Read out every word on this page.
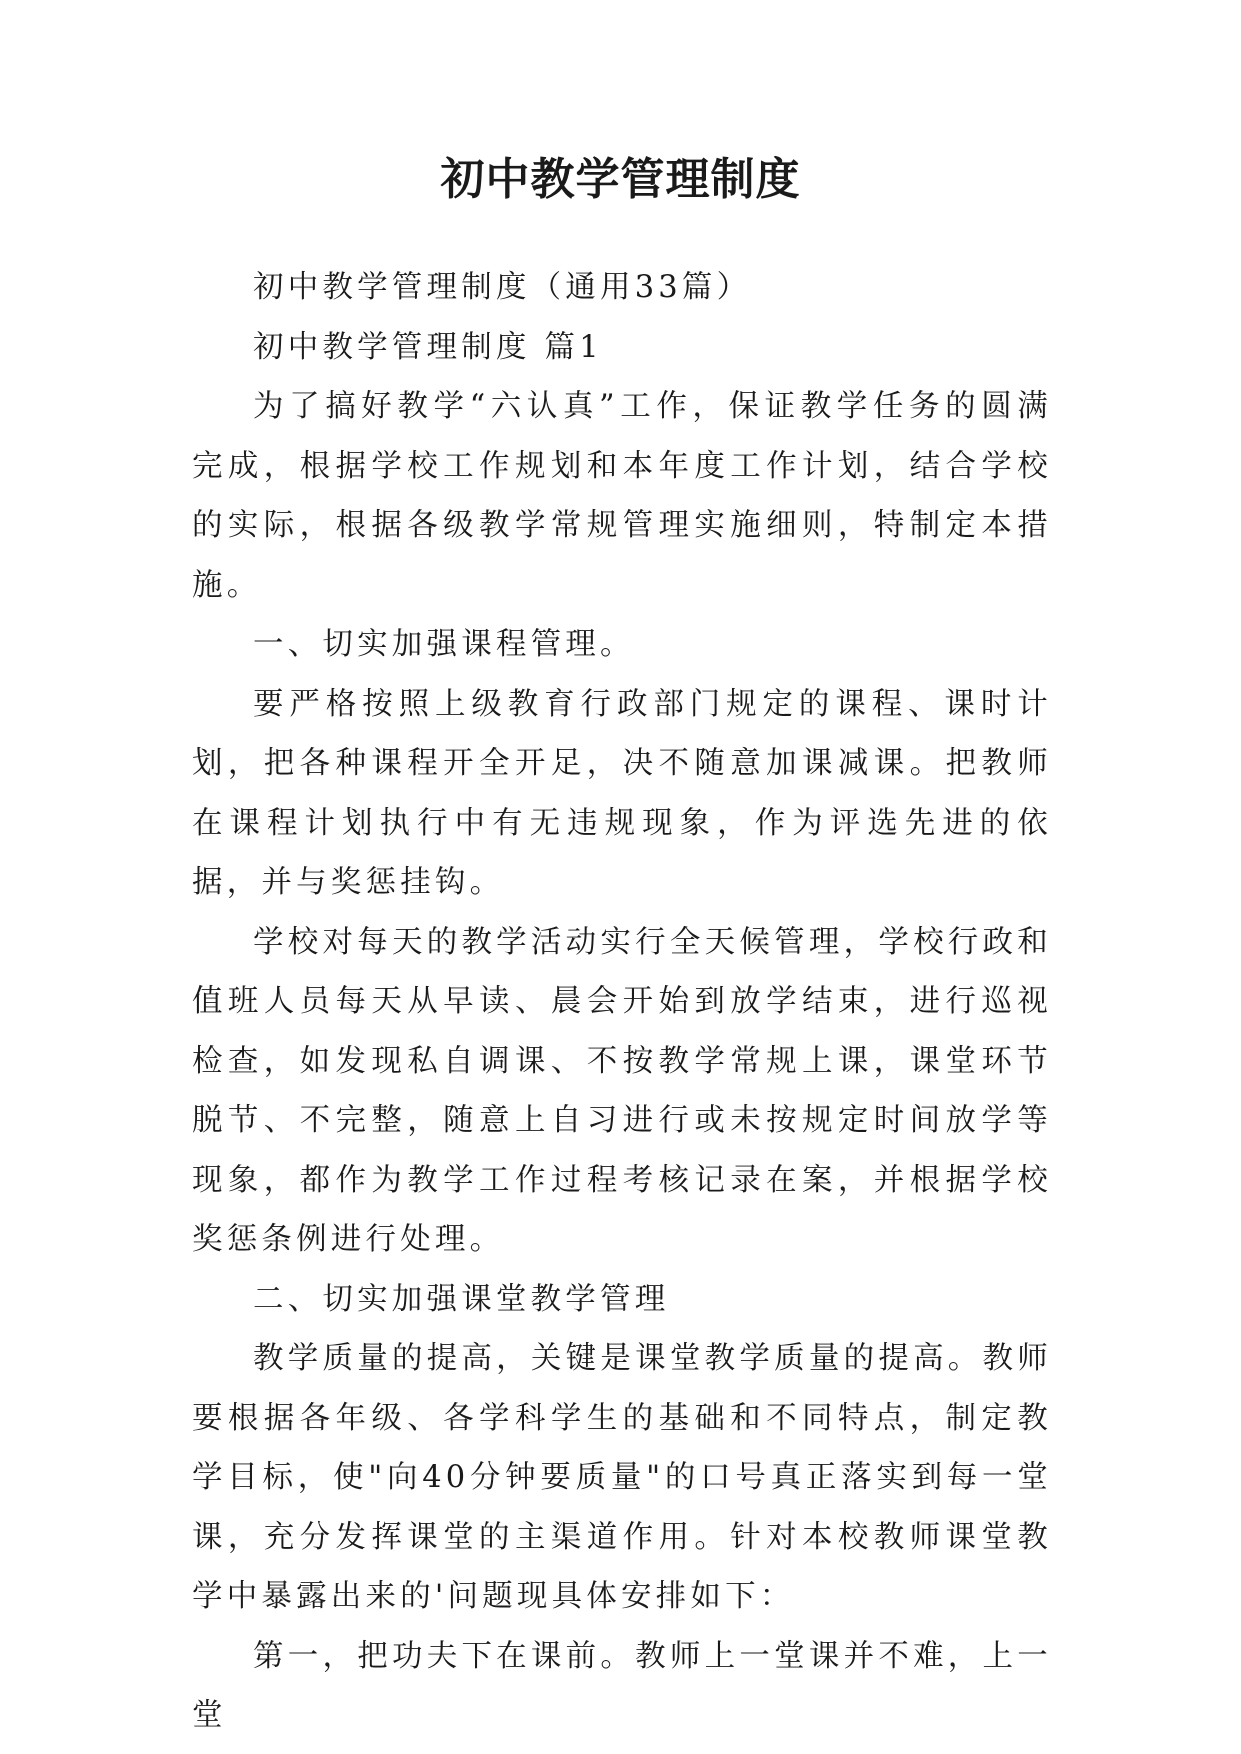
初中教学管理制度

初中教学管理制度（通用33篇）

初中教学管理制度 篇1

为了搞好教学“六认真”工作，保证教学任务的圆满完成，根据学校工作规划和本年度工作计划，结合学校的实际，根据各级教学常规管理实施细则，特制定本措施。

一、切实加强课程管理。

要严格按照上级教育行政部门规定的课程、课时计划，把各种课程开全开足，决不随意加课减课。把教师在课程计划执行中有无违规现象，作为评选先进的依据，并与奖惩挂钩。

学校对每天的教学活动实行全天候管理，学校行政和值班人员每天从早读、晨会开始到放学结束，进行巡视检查，如发现私自调课、不按教学常规上课，课堂环节脱节、不完整，随意上自习进行或未按规定时间放学等现象，都作为教学工作过程考核记录在案，并根据学校奖惩条例进行处理。

二、切实加强课堂教学管理

教学质量的提高，关键是课堂教学质量的提高。教师要根据各年级、各学科学生的基础和不同特点，制定教学目标，使"向40分钟要质量"的口号真正落实到每一堂课，充分发挥课堂的主渠道作用。针对本校教师课堂教学中暴露出来的'问题现具体安排如下：

第一，把功夫下在课前。教师上一堂课并不难，上一堂
